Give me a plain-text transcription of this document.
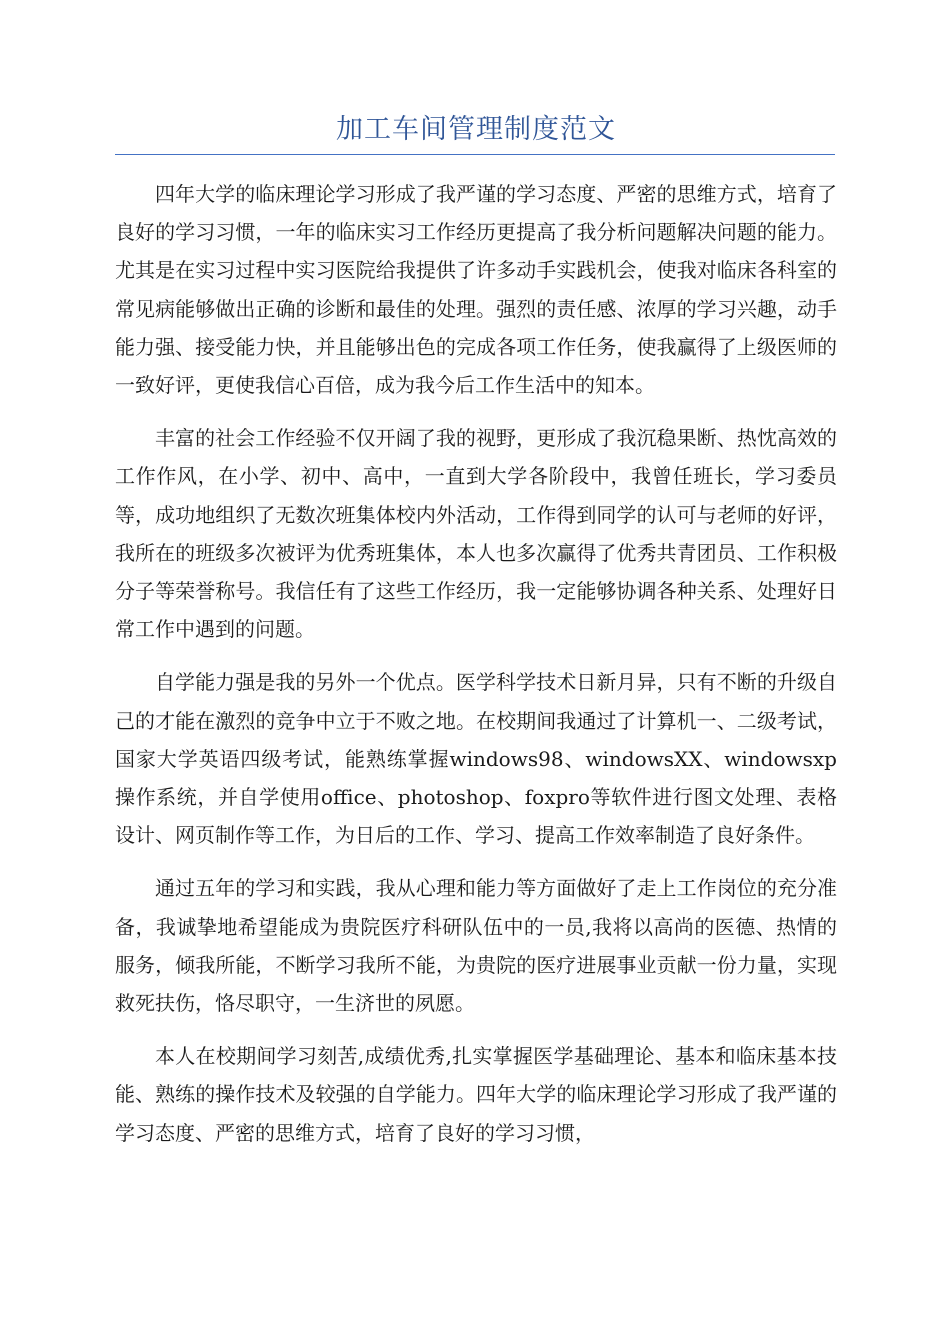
加工车间管理制度范文

四年大学的临床理论学习形成了我严谨的学习态度、严密的思维方式，培育了良好的学习习惯，一年的临床实习工作经历更提高了我分析问题解决问题的能力。尤其是在实习过程中实习医院给我提供了许多动手实践机会，使我对临床各科室的常见病能够做出正确的诊断和最佳的处理。强烈的责任感、浓厚的学习兴趣，动手能力强、接受能力快，并且能够出色的完成各项工作任务，使我赢得了上级医师的一致好评，更使我信心百倍，成为我今后工作生活中的知本。

丰富的社会工作经验不仅开阔了我的视野，更形成了我沉稳果断、热忱高效的工作作风，在小学、初中、高中，一直到大学各阶段中，我曾任班长，学习委员等，成功地组织了无数次班集体校内外活动，工作得到同学的认可与老师的好评，我所在的班级多次被评为优秀班集体，本人也多次赢得了优秀共青团员、工作积极分子等荣誉称号。我信任有了这些工作经历，我一定能够协调各种关系、处理好日常工作中遇到的问题。

自学能力强是我的另外一个优点。医学科学技术日新月异，只有不断的升级自己的才能在激烈的竞争中立于不败之地。在校期间我通过了计算机一、二级考试，国家大学英语四级考试，能熟练掌握windows98、windowsXX、windowsxp操作系统，并自学使用office、photoshop、foxpro等软件进行图文处理、表格设计、网页制作等工作，为日后的工作、学习、提高工作效率制造了良好条件。

通过五年的学习和实践，我从心理和能力等方面做好了走上工作岗位的充分准备，我诚挚地希望能成为贵院医疗科研队伍中的一员,我将以高尚的医德、热情的服务，倾我所能，不断学习我所不能，为贵院的医疗进展事业贡献一份力量，实现救死扶伤，恪尽职守，一生济世的夙愿。

本人在校期间学习刻苦,成绩优秀,扎实掌握医学基础理论、基本和临床基本技能、熟练的操作技术及较强的自学能力。四年大学的临床理论学习形成了我严谨的学习态度、严密的思维方式，培育了良好的学习习惯，
